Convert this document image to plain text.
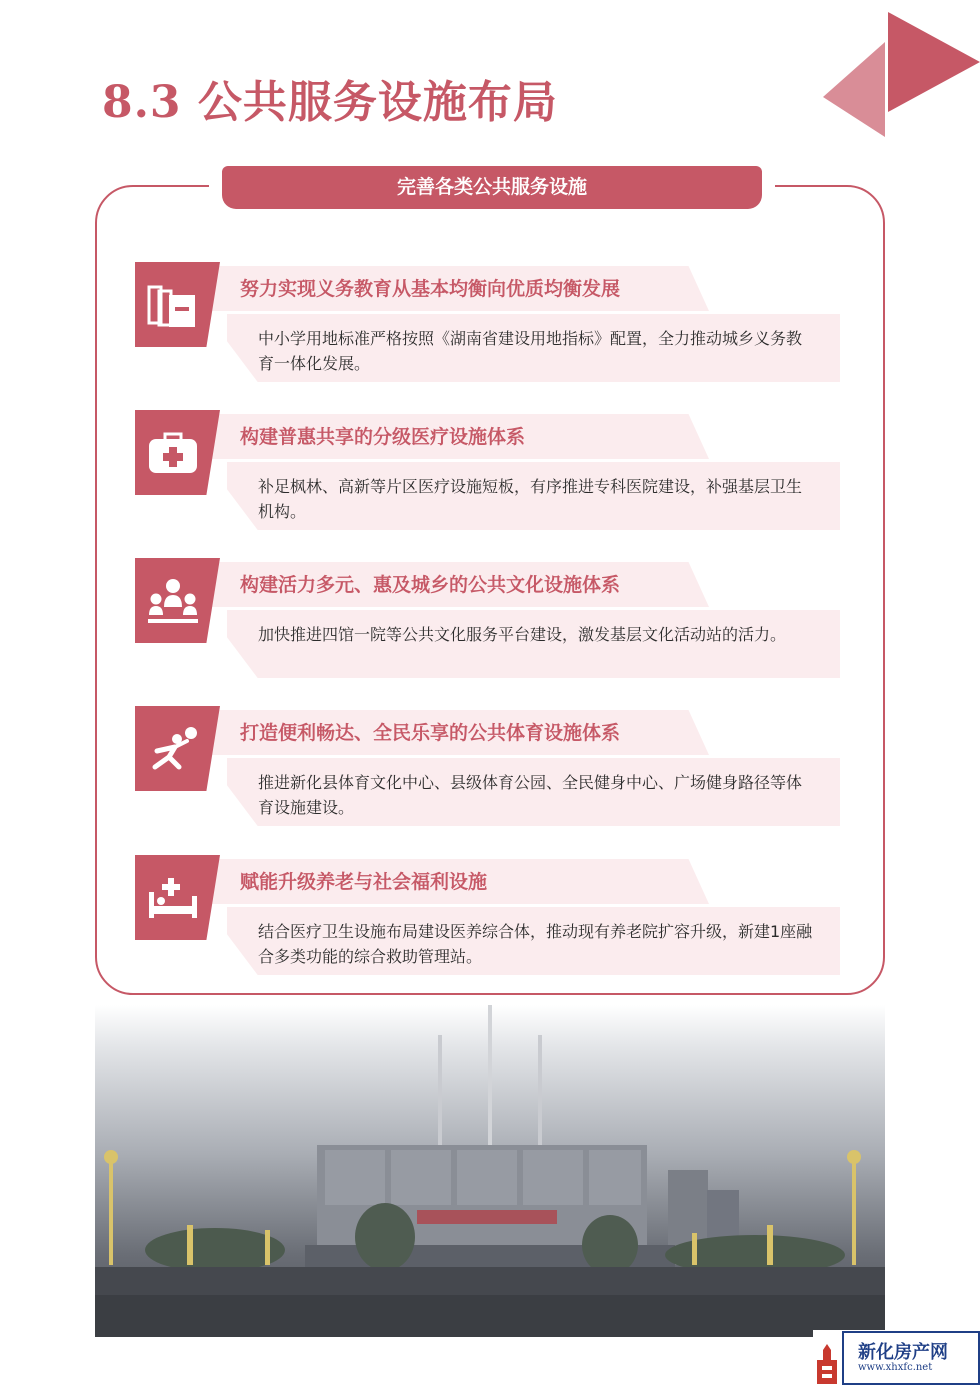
8.3 公共服务设施布局
完善各类公共服务设施
努力实现义务教育从基本均衡向优质均衡发展
中小学用地标准严格按照《湖南省建设用地指标》配置，全力推动城乡义务教育一体化发展。
构建普惠共享的分级医疗设施体系
补足枫林、高新等片区医疗设施短板，有序推进专科医院建设，补强基层卫生机构。
构建活力多元、惠及城乡的公共文化设施体系
加快推进四馆一院等公共文化服务平台建设，激发基层文化活动站的活力。
打造便利畅达、全民乐享的公共体育设施体系
推进新化县体育文化中心、县级体育公园、全民健身中心、广场健身路径等体育设施建设。
赋能升级养老与社会福利设施
结合医疗卫生设施布局建设医养综合体，推动现有养老院扩容升级，新建1座融合多类功能的综合救助管理站。
新化房产网
www.xhxfc.net
